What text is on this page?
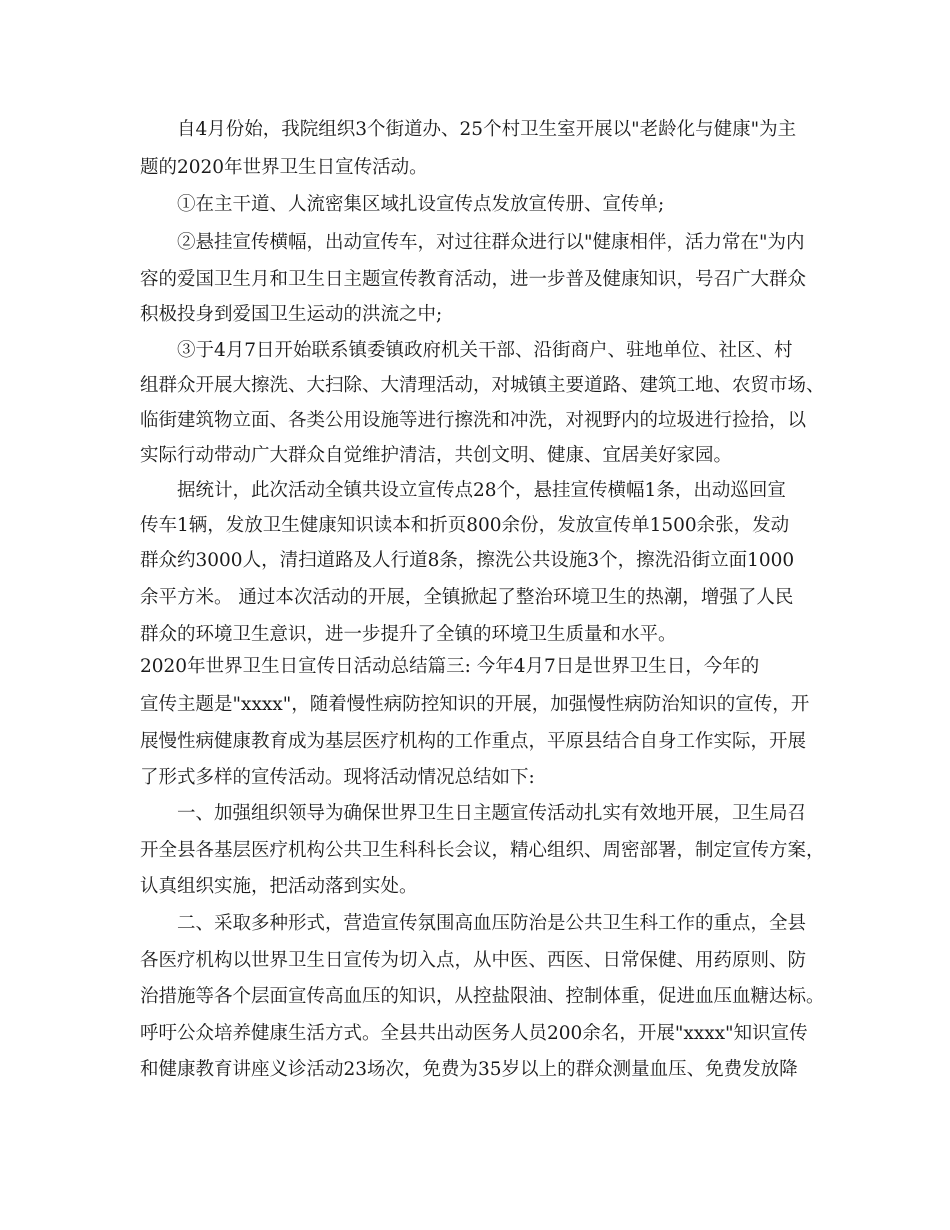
自4月份始，我院组织3个街道办、25个村卫生室开展以"老龄化与健康"为主
题的2020年世界卫生日宣传活动。
①在主干道、人流密集区域扎设宣传点发放宣传册、宣传单;
②悬挂宣传横幅，出动宣传车，对过往群众进行以"健康相伴，活力常在"为内
容的爱国卫生月和卫生日主题宣传教育活动，进一步普及健康知识，号召广大群众
积极投身到爱国卫生运动的洪流之中;
③于4月7日开始联系镇委镇政府机关干部、沿街商户、驻地单位、社区、村
组群众开展大擦洗、大扫除、大清理活动，对城镇主要道路、建筑工地、农贸市场、
临街建筑物立面、各类公用设施等进行擦洗和冲洗，对视野内的垃圾进行捡拾，以
实际行动带动广大群众自觉维护清洁，共创文明、健康、宜居美好家园。
据统计，此次活动全镇共设立宣传点28个，悬挂宣传横幅1条，出动巡回宣
传车1辆，发放卫生健康知识读本和折页800余份，发放宣传单1500余张，发动
群众约3000人，清扫道路及人行道8条，擦洗公共设施3个，擦洗沿街立面1000
余平方米。 通过本次活动的开展，全镇掀起了整治环境卫生的热潮，增强了人民
群众的环境卫生意识，进一步提升了全镇的环境卫生质量和水平。
2020年世界卫生日宣传日活动总结篇三: 今年4月7日是世界卫生日，今年的
宣传主题是"xxxx"，随着慢性病防控知识的开展，加强慢性病防治知识的宣传，开
展慢性病健康教育成为基层医疗机构的工作重点，平原县结合自身工作实际，开展
了形式多样的宣传活动。现将活动情况总结如下:
一、加强组织领导为确保世界卫生日主题宣传活动扎实有效地开展，卫生局召
开全县各基层医疗机构公共卫生科科长会议，精心组织、周密部署，制定宣传方案，
认真组织实施，把活动落到实处。
二、采取多种形式，营造宣传氛围高血压防治是公共卫生科工作的重点，全县
各医疗机构以世界卫生日宣传为切入点，从中医、西医、日常保健、用药原则、防
治措施等各个层面宣传高血压的知识，从控盐限油、控制体重，促进血压血糖达标。
呼吁公众培养健康生活方式。全县共出动医务人员200余名，开展"xxxx"知识宣传
和健康教育讲座义诊活动23场次，免费为35岁以上的群众测量血压、免费发放降
